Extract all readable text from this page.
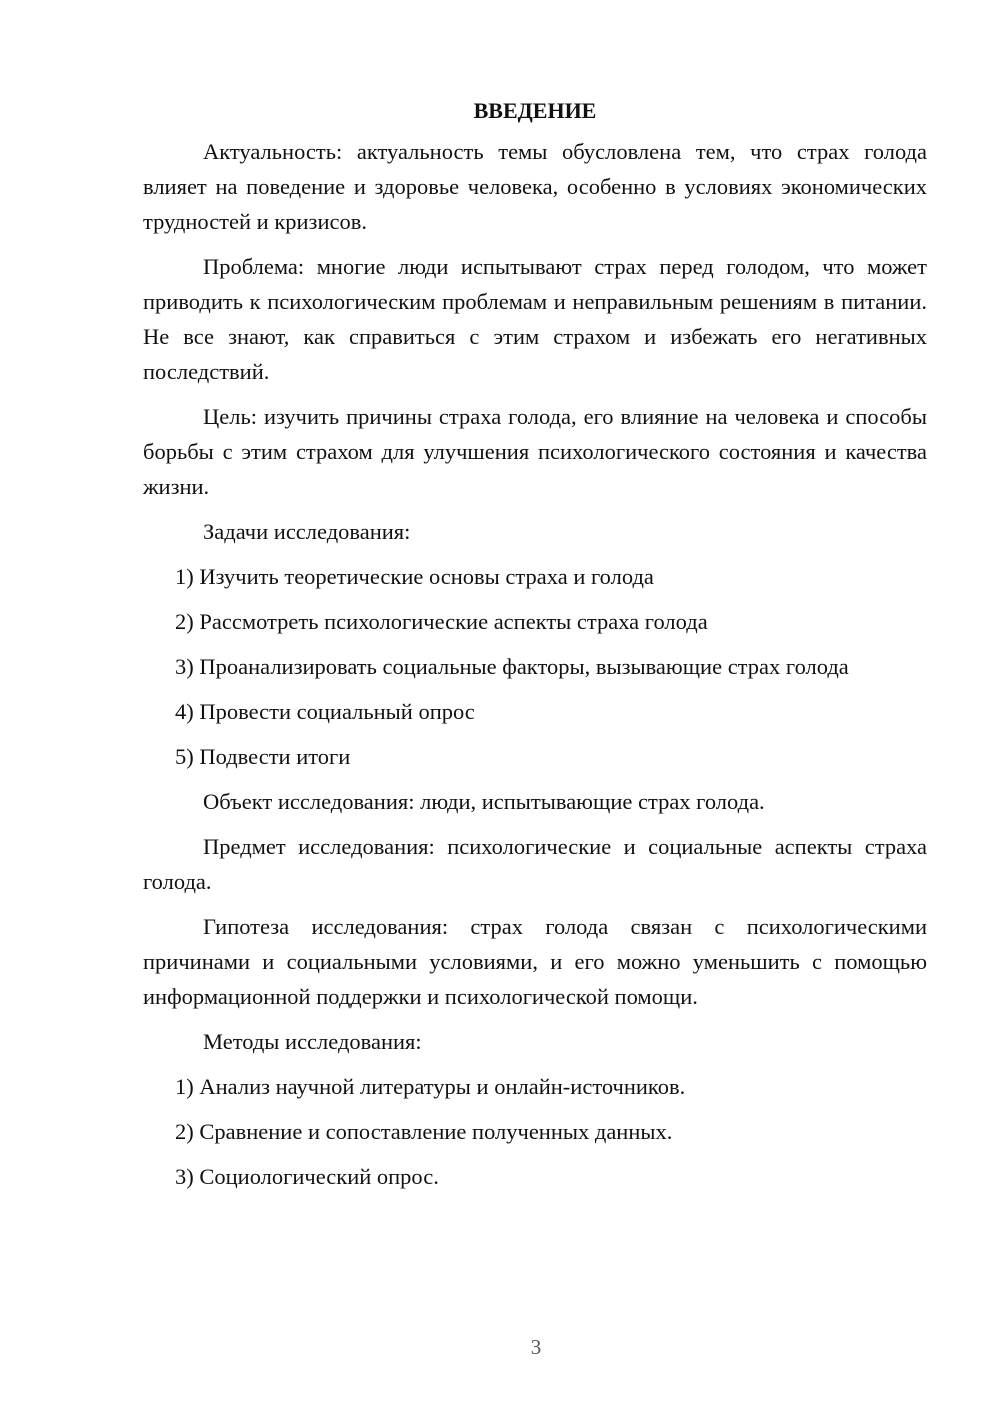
ВВЕДЕНИЕ

Актуальность: актуальность темы обусловлена тем, что страх голода влияет на поведение и здоровье человека, особенно в условиях экономических трудностей и кризисов.

Проблема: многие люди испытывают страх перед голодом, что может приводить к психологическим проблемам и неправильным решениям в питании. Не все знают, как справиться с этим страхом и избежать его негативных последствий.

Цель: изучить причины страха голода, его влияние на человека и способы борьбы с этим страхом для улучшения психологического состояния и качества жизни.

Задачи исследования:

1) Изучить теоретические основы страха и голода
2) Рассмотреть психологические аспекты страха голода
3) Проанализировать социальные факторы, вызывающие страх голода
4) Провести социальный опрос
5) Подвести итоги

Объект исследования: люди, испытывающие страх голода.

Предмет исследования: психологические и социальные аспекты страха голода.

Гипотеза исследования: страх голода связан с психологическими причинами и социальными условиями, и его можно уменьшить с помощью информационной поддержки и психологической помощи.

Методы исследования:

1) Анализ научной литературы и онлайн-источников.
2) Сравнение и сопоставление полученных данных.
3) Социологический опрос.
3
